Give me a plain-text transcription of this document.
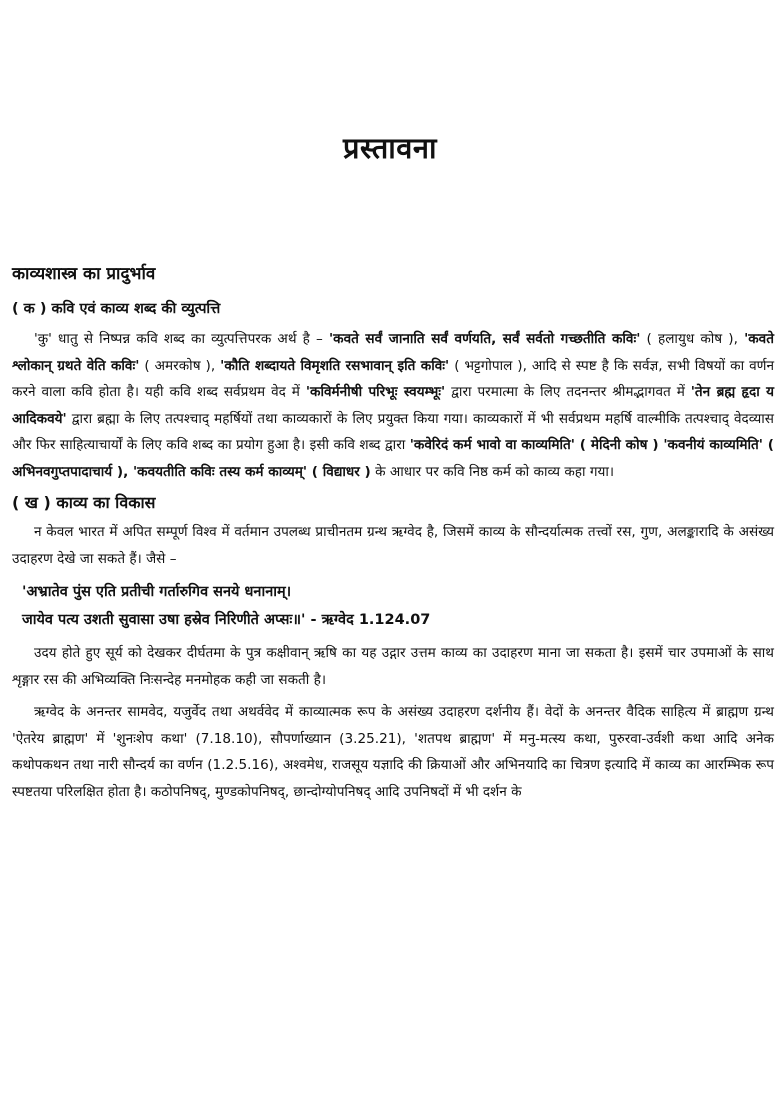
प्रस्तावना
काव्यशास्त्र का प्रादुर्भाव
( क ) कवि एवं काव्य शब्द की व्युत्पत्ति

'कु' धातु से निष्पन्न कवि शब्द का व्युत्पत्तिपरक अर्थ है – 'कवते सर्वं जानाति सर्वं वर्णयति, सर्वं सर्वतो गच्छतीति कविः' ( हलायुध कोष ), 'कवते श्लोकान् ग्रथते वेति कविः' ( अमरकोष ), 'कौति शब्दायते विमृशति रसभावान् इति कविः' ( भट्टगोपाल ), आदि से स्पष्ट है कि सर्वज्ञ, सभी विषयों का वर्णन करने वाला कवि होता है। यही कवि शब्द सर्वप्रथम वेद में 'कविर्मनीषी परिभूः स्वयम्भूः' द्वारा परमात्मा के लिए तदनन्तर श्रीमद्भागवत में 'तेन ब्रह्म हृदा य आदिकवये' द्वारा ब्रह्मा के लिए तत्पश्चाद् महर्षियों तथा काव्यकारों के लिए प्रयुक्त किया गया। काव्यकारों में भी सर्वप्रथम महर्षि वाल्मीकि तत्पश्चाद् वेदव्यास और फिर साहित्याचार्यों के लिए कवि शब्द का प्रयोग हुआ है। इसी कवि शब्द द्वारा 'कवेरिदं कर्म भावो वा काव्यमिति' ( मेदिनी कोष ) 'कवनीयं काव्यमिति' ( अभिनवगुप्तपादाचार्य ), 'कवयतीति कविः तस्य कर्म काव्यम्' ( विद्याधर ) के आधार पर कवि निष्ठ कर्म को काव्य कहा गया।

( ख ) काव्य का विकास

न केवल भारत में अपित सम्पूर्ण विश्व में वर्तमान उपलब्ध प्राचीनतम ग्रन्थ ऋग्वेद है, जिसमें काव्य के सौन्दर्यात्मक तत्त्वों रस, गुण, अलङ्कारादि के असंख्य उदाहरण देखे जा सकते हैं। जैसे –

'अभ्रातेव पुंस एति प्रतीची गर्तारुगिव सनये धनानाम्।
जायेव पत्य उशती सुवासा उषा हस्रेव निरिणीते अप्सः॥' - ऋग्वेद 1.124.07

उदय होते हुए सूर्य को देखकर दीर्घतमा के पुत्र कक्षीवान् ऋषि का यह उद्गार उत्तम काव्य का उदाहरण माना जा सकता है। इसमें चार उपमाओं के साथ शृङ्गार रस की अभिव्यक्ति निःसन्देह मनमोहक कही जा सकती है।

ऋग्वेद के अनन्तर सामवेद, यजुर्वेद तथा अथर्ववेद में काव्यात्मक रूप के असंख्य उदाहरण दर्शनीय हैं। वेदों के अनन्तर वैदिक साहित्य में ब्राह्मण ग्रन्थ 'ऐतरेय ब्राह्मण' में 'शुनःशेप कथा' (7.18.10), सौपर्णाख्यान (3.25.21), 'शतपथ ब्राह्मण' में मनु-मत्स्य कथा, पुरुरवा-उर्वशी कथा आदि अनेक कथोपकथन तथा नारी सौन्दर्य का वर्णन (1.2.5.16), अश्वमेध, राजसूय यज्ञादि की क्रियाओं और अभिनयादि का चित्रण इत्यादि में काव्य का आरम्भिक रूप स्पष्टतया परिलक्षित होता है। कठोपनिषद्, मुण्डकोपनिषद्, छान्दोग्योपनिषद् आदि उपनिषदों में भी दर्शन के
